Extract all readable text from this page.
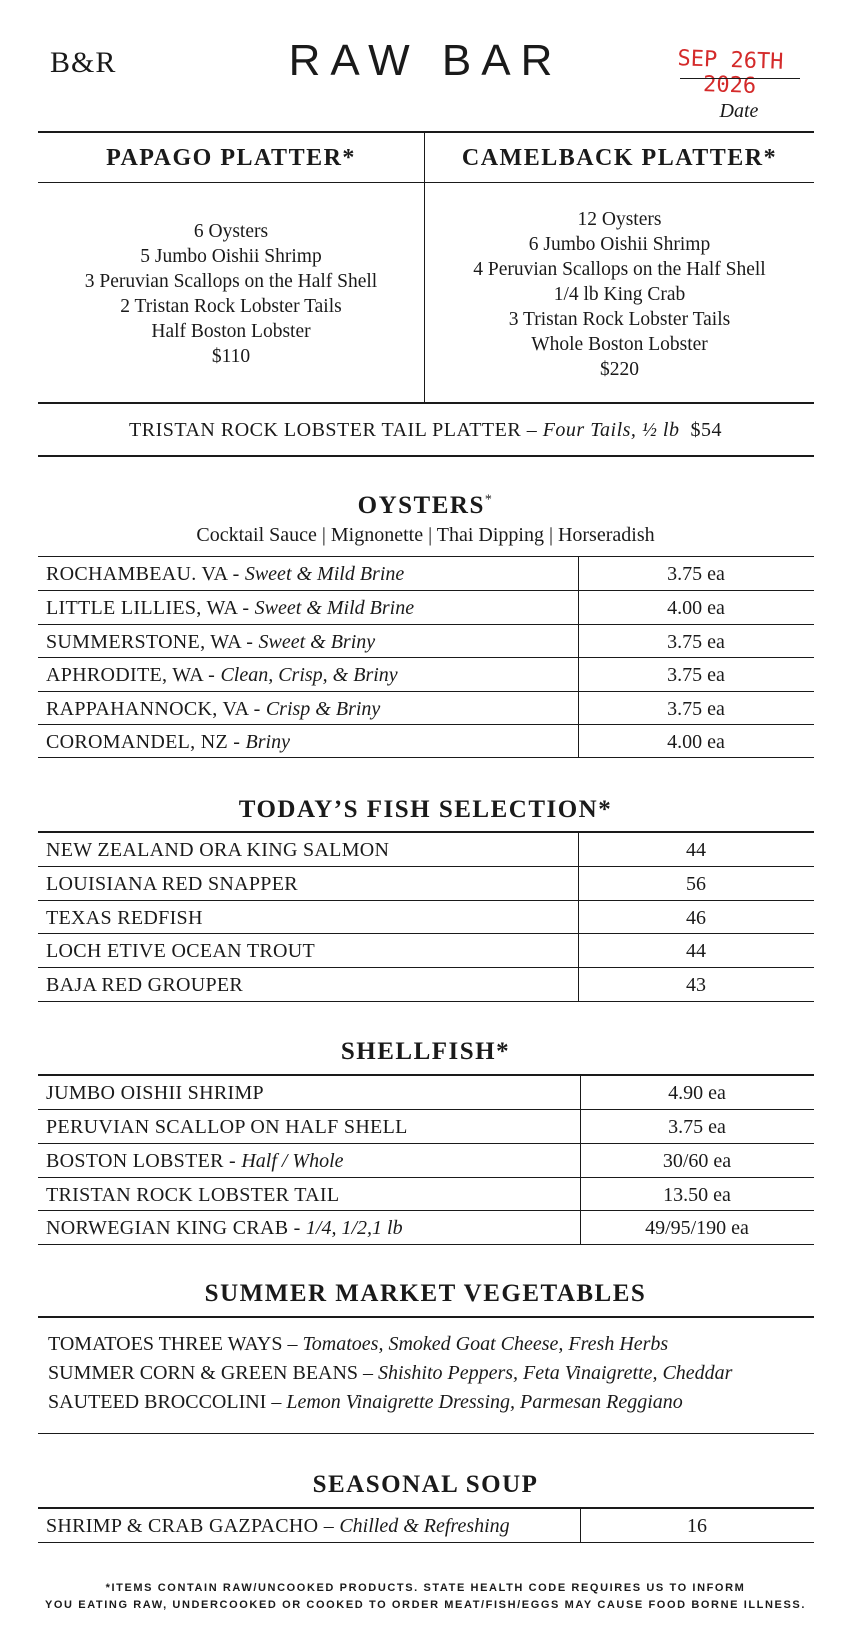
B&R	RAW BAR	SEP 26TH 2026
Date
PAPAGO PLATTER*	CAMELBACK PLATTER*
6 Oysters
5 Jumbo Oishii Shrimp
3 Peruvian Scallops on the Half Shell
2 Tristan Rock Lobster Tails
Half Boston Lobster
$110
12 Oysters
6 Jumbo Oishii Shrimp
4 Peruvian Scallops on the Half Shell
1/4 lb King Crab
3 Tristan Rock Lobster Tails
Whole Boston Lobster
$220
TRISTAN ROCK LOBSTER TAIL PLATTER – Four Tails, ½ lb $54
OYSTERS*
Cocktail Sauce | Mignonette | Thai Dipping | Horseradish
ROCHAMBEAU. VA - Sweet & Mild Brine	3.75 ea
LITTLE LILLIES, WA - Sweet & Mild Brine	4.00 ea
SUMMERSTONE, WA - Sweet & Briny	3.75 ea
APHRODITE, WA - Clean, Crisp, & Briny	3.75 ea
RAPPAHANNOCK, VA - Crisp & Briny	3.75 ea
COROMANDEL, NZ - Briny	4.00 ea
TODAY’S FISH SELECTION*
NEW ZEALAND ORA KING SALMON	44
LOUISIANA RED SNAPPER	56
TEXAS REDFISH	46
LOCH ETIVE OCEAN TROUT	44
BAJA RED GROUPER	43
SHELLFISH*
JUMBO OISHII SHRIMP	4.90 ea
PERUVIAN SCALLOP ON HALF SHELL	3.75 ea
BOSTON LOBSTER - Half / Whole	30/60 ea
TRISTAN ROCK LOBSTER TAIL	13.50 ea
NORWEGIAN KING CRAB - 1/4, 1/2,1 lb	49/95/190 ea
SUMMER MARKET VEGETABLES
TOMATOES THREE WAYS – Tomatoes, Smoked Goat Cheese, Fresh Herbs
SUMMER CORN & GREEN BEANS – Shishito Peppers, Feta Vinaigrette, Cheddar
SAUTEED BROCCOLINI – Lemon Vinaigrette Dressing, Parmesan Reggiano
SEASONAL SOUP
SHRIMP & CRAB GAZPACHO – Chilled & Refreshing	16
*ITEMS CONTAIN RAW/UNCOOKED PRODUCTS. STATE HEALTH CODE REQUIRES US TO INFORM
YOU EATING RAW, UNDERCOOKED OR COOKED TO ORDER MEAT/FISH/EGGS MAY CAUSE FOOD BORNE ILLNESS.
